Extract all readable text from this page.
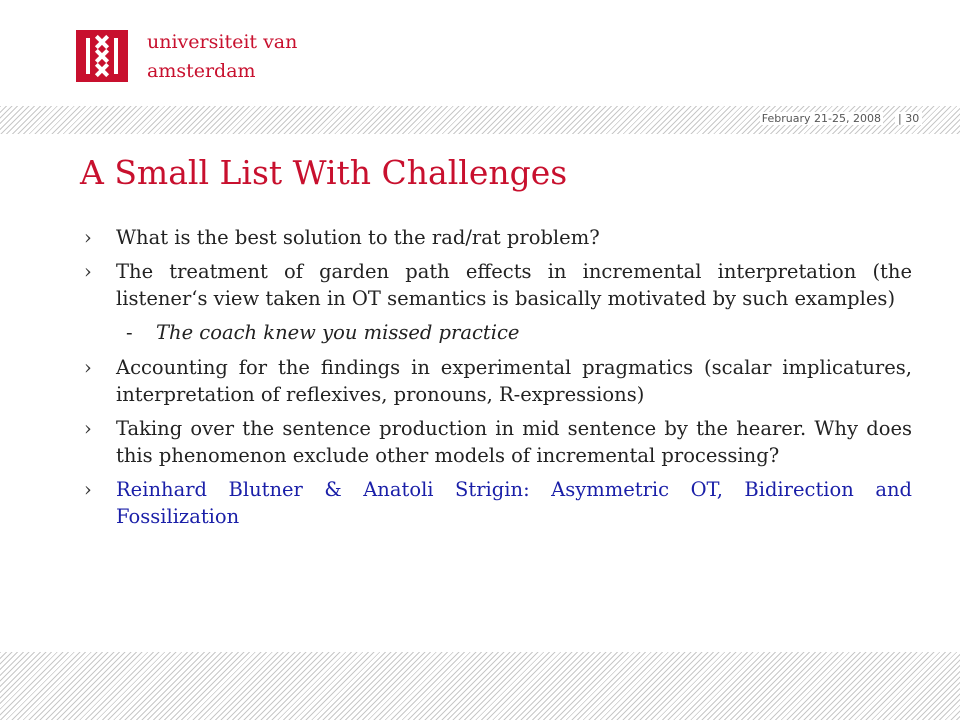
universiteit van amsterdam
February 21-25, 2008 | 30
A Small List With Challenges
› What is the best solution to the rad/rat problem?
› The treatment of garden path effects in incremental interpretation (the listener‘s view taken in OT semantics is basically motivated by such examples)
- The coach knew you missed practice
› Accounting for the findings in experimental pragmatics (scalar implicatures, interpretation of reflexives, pronouns, R-expressions)
› Taking over the sentence production in mid sentence by the hearer. Why does this phenomenon exclude other models of incremental processing?
› Reinhard Blutner & Anatoli Strigin: Asymmetric OT, Bidirection and Fossilization
